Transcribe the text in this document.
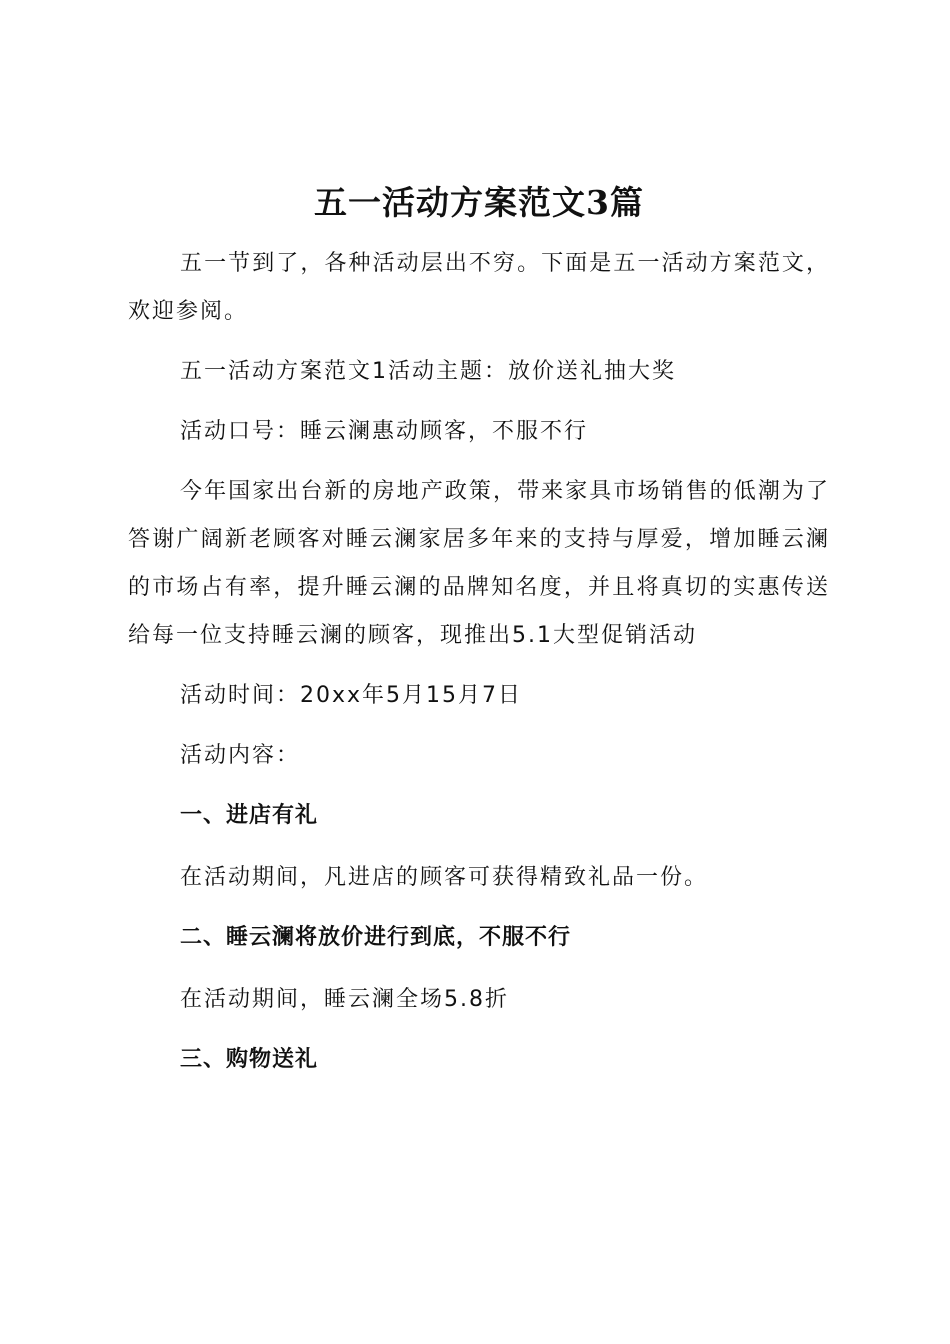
五一活动方案范文3篇

五一节到了，各种活动层出不穷。下面是五一活动方案范文，欢迎参阅。

五一活动方案范文1活动主题：放价送礼抽大奖

活动口号：睡云澜惠动顾客，不服不行

今年国家出台新的房地产政策，带来家具市场销售的低潮为了答谢广阔新老顾客对睡云澜家居多年来的支持与厚爱，增加睡云澜的市场占有率，提升睡云澜的品牌知名度，并且将真切的实惠传送给每一位支持睡云澜的顾客，现推出5.1大型促销活动

活动时间：20xx年5月15月7日

活动内容：

一、进店有礼

在活动期间，凡进店的顾客可获得精致礼品一份。

二、睡云澜将放价进行到底，不服不行

在活动期间，睡云澜全场5.8折

三、购物送礼
